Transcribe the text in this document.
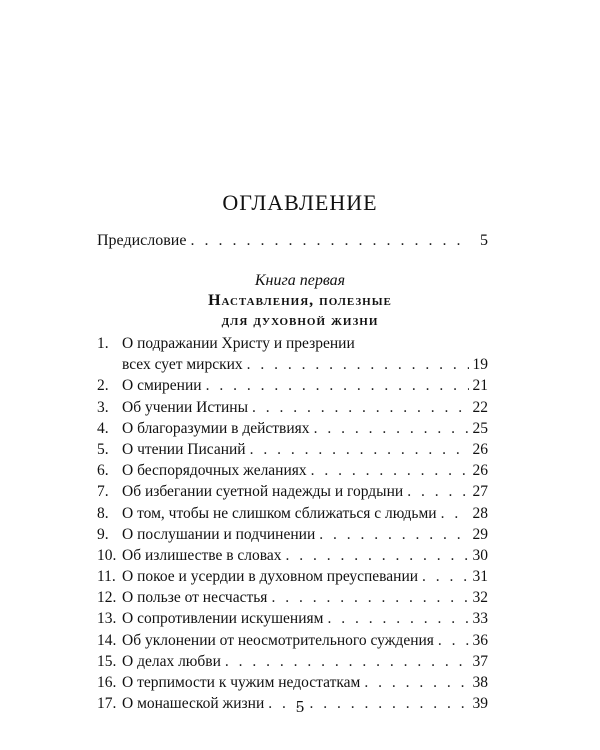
ОГЛАВЛЕНИЕ
Предисловие . . .	5
Книга первая
Наставления, полезные
для духовной жизни
1. О подражании Христу и презрении
всех сует мирских . . .	19
2. О смирении . . .	21
3. Об учении Истины . . .	22
4. О благоразумии в действиях . . .	25
5. О чтении Писаний . . .	26
6. О беспорядочных желаниях . . .	26
7. Об избегании суетной надежды и гордыни . . .	27
8. О том, чтобы не слишком сближаться с людьми . . . 28
9. О послушании и подчинении . . .	29
10. Об излишестве в словах . . .	30
11. О покое и усердии в духовном преуспевании . . .	31
12. О пользе от несчастья . . .	32
13. О сопротивлении искушениям . . .	33
14. Об уклонении от неосмотрительного суждения . . . 36
15. О делах любви . . .	37
16. О терпимости к чужим недостаткам . . .	38
17. О монашеской жизни . . .	39
5
